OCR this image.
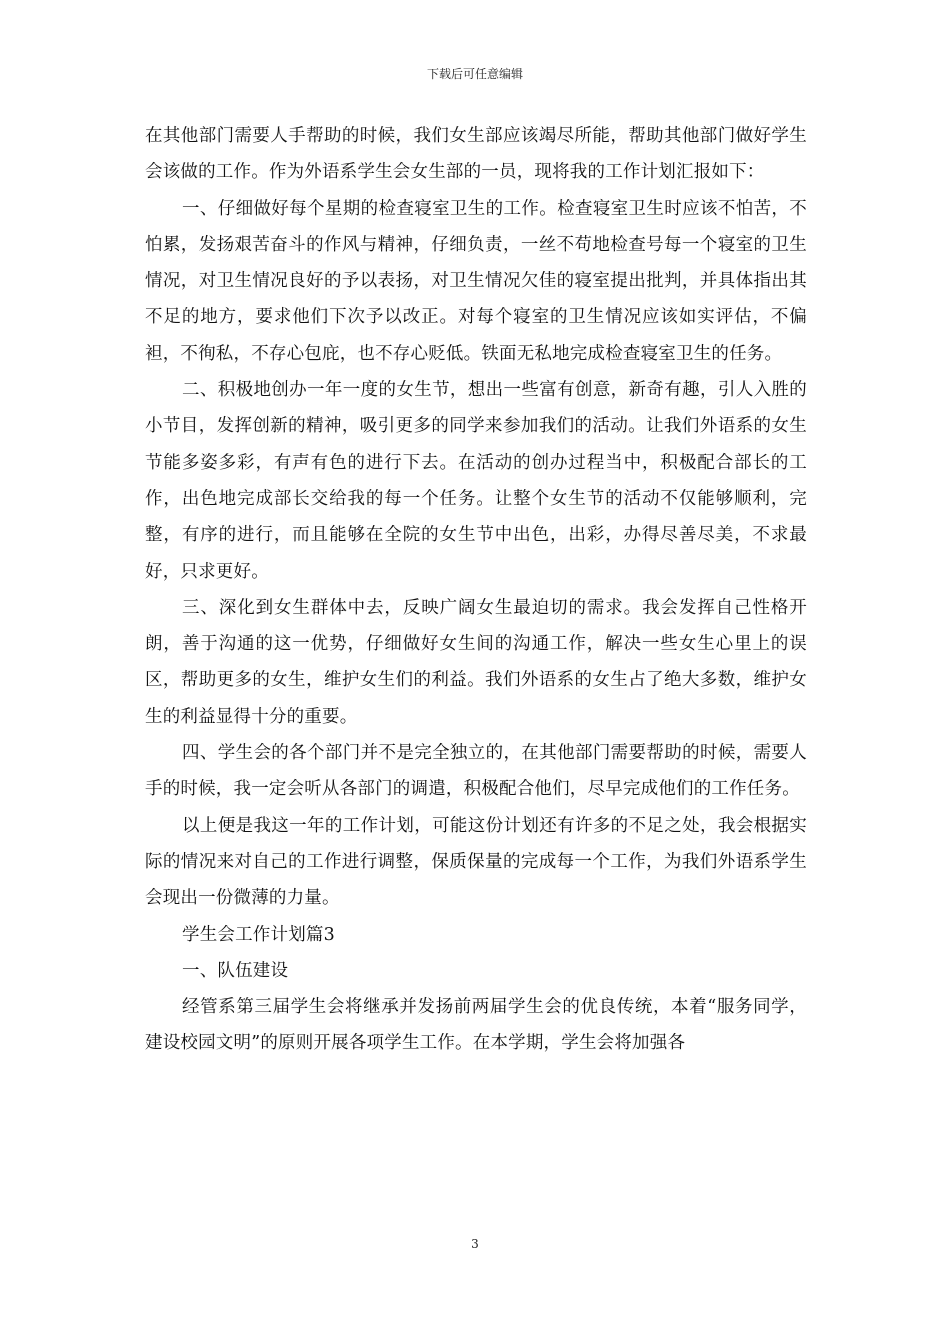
下载后可任意编辑

在其他部门需要人手帮助的时候，我们女生部应该竭尽所能，帮助其他部门做好学生会该做的工作。作为外语系学生会女生部的一员，现将我的工作计划汇报如下：

一、仔细做好每个星期的检查寝室卫生的工作。检查寝室卫生时应该不怕苦，不怕累，发扬艰苦奋斗的作风与精神，仔细负责，一丝不苟地检查号每一个寝室的卫生情况，对卫生情况良好的予以表扬，对卫生情况欠佳的寝室提出批判，并具体指出其不足的地方，要求他们下次予以改正。对每个寝室的卫生情况应该如实评估，不偏袒，不徇私，不存心包庇，也不存心贬低。铁面无私地完成检查寝室卫生的任务。

二、积极地创办一年一度的女生节，想出一些富有创意，新奇有趣，引人入胜的小节目，发挥创新的精神，吸引更多的同学来参加我们的活动。让我们外语系的女生节能多姿多彩，有声有色的进行下去。在活动的创办过程当中，积极配合部长的工作，出色地完成部长交给我的每一个任务。让整个女生节的活动不仅能够顺利，完整，有序的进行，而且能够在全院的女生节中出色，出彩，办得尽善尽美，不求最好，只求更好。

三、深化到女生群体中去，反映广阔女生最迫切的需求。我会发挥自己性格开朗，善于沟通的这一优势，仔细做好女生间的沟通工作，解决一些女生心里上的误区，帮助更多的女生，维护女生们的利益。我们外语系的女生占了绝大多数，维护女生的利益显得十分的重要。

四、学生会的各个部门并不是完全独立的，在其他部门需要帮助的时候，需要人手的时候，我一定会听从各部门的调遣，积极配合他们，尽早完成他们的工作任务。

以上便是我这一年的工作计划，可能这份计划还有许多的不足之处，我会根据实际的情况来对自己的工作进行调整，保质保量的完成每一个工作，为我们外语系学生会现出一份微薄的力量。

学生会工作计划篇3

一、队伍建设

经管系第三届学生会将继承并发扬前两届学生会的优良传统，本着“服务同学，建设校园文明”的原则开展各项学生工作。在本学期，学生会将加强各

3
